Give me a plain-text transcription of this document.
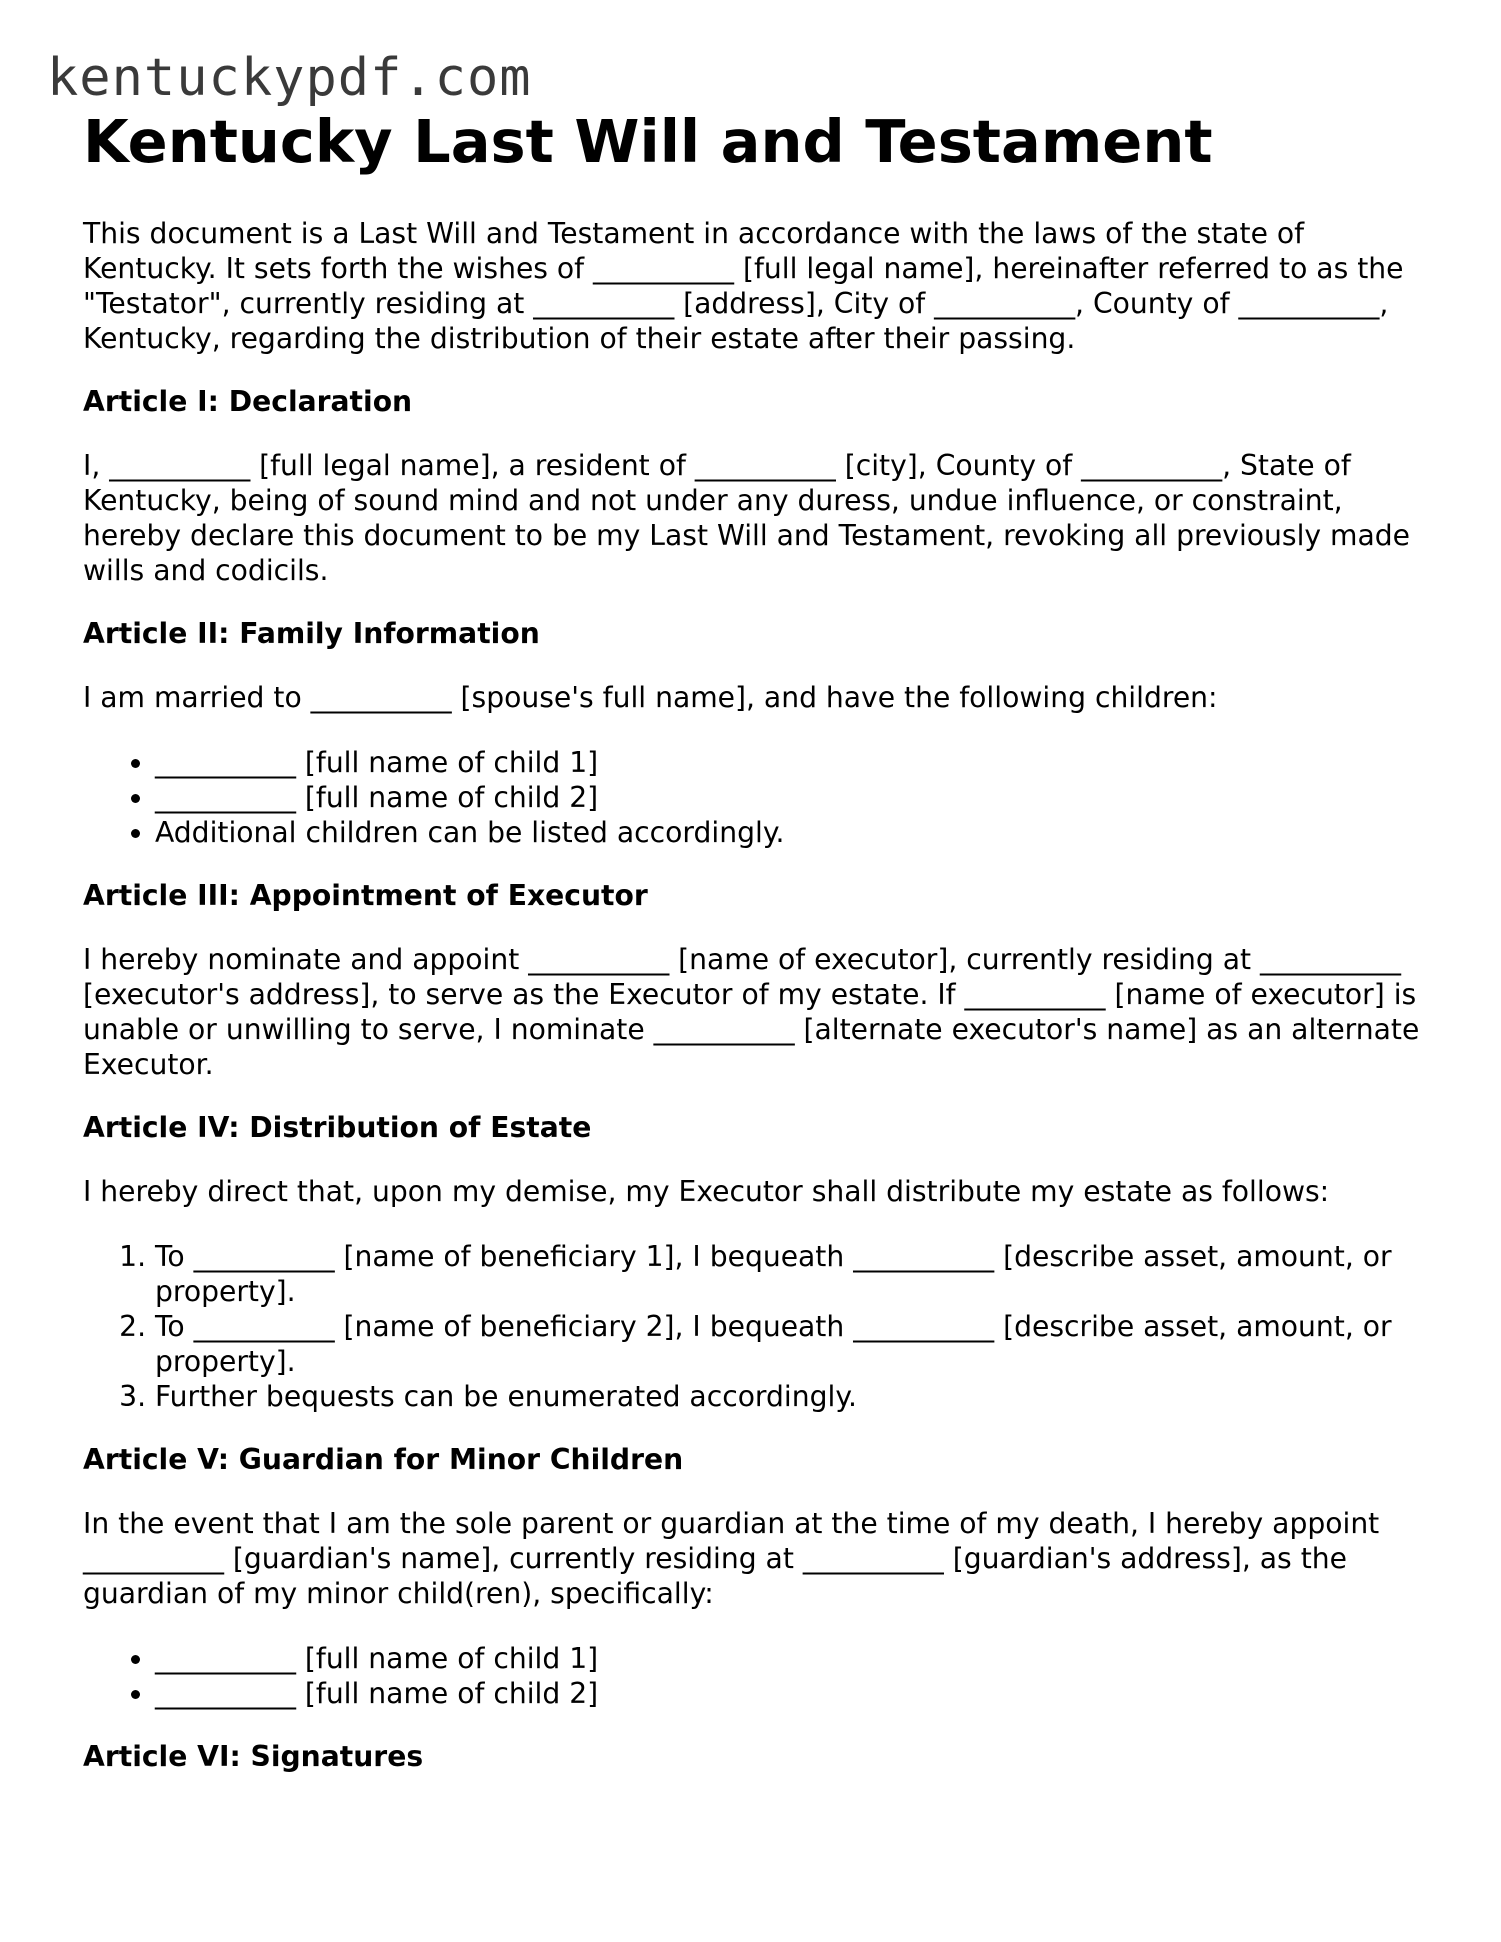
kentuckypdf.com
Kentucky Last Will and Testament

This document is a Last Will and Testament in accordance with the laws of the state of Kentucky. It sets forth the wishes of __________ [full legal name], hereinafter referred to as the "Testator", currently residing at __________ [address], City of __________, County of __________, Kentucky, regarding the distribution of their estate after their passing.

Article I: Declaration

I, __________ [full legal name], a resident of __________ [city], County of __________, State of Kentucky, being of sound mind and not under any duress, undue influence, or constraint, hereby declare this document to be my Last Will and Testament, revoking all previously made wills and codicils.

Article II: Family Information

I am married to __________ [spouse's full name], and have the following children:

• __________ [full name of child 1]
• __________ [full name of child 2]
• Additional children can be listed accordingly.
Article III: Appointment of Executor

I hereby nominate and appoint __________ [name of executor], currently residing at __________ [executor's address], to serve as the Executor of my estate. If __________ [name of executor] is unable or unwilling to serve, I nominate __________ [alternate executor's name] as an alternate Executor.

Article IV: Distribution of Estate

I hereby direct that, upon my demise, my Executor shall distribute my estate as follows:

1. To __________ [name of beneficiary 1], I bequeath __________ [describe asset, amount, or property].
2. To __________ [name of beneficiary 2], I bequeath __________ [describe asset, amount, or property].
3. Further bequests can be enumerated accordingly.
Article V: Guardian for Minor Children

In the event that I am the sole parent or guardian at the time of my death, I hereby appoint __________ [guardian's name], currently residing at __________ [guardian's address], as the guardian of my minor child(ren), specifically:

• __________ [full name of child 1]
• __________ [full name of child 2]
Article VI: Signatures
